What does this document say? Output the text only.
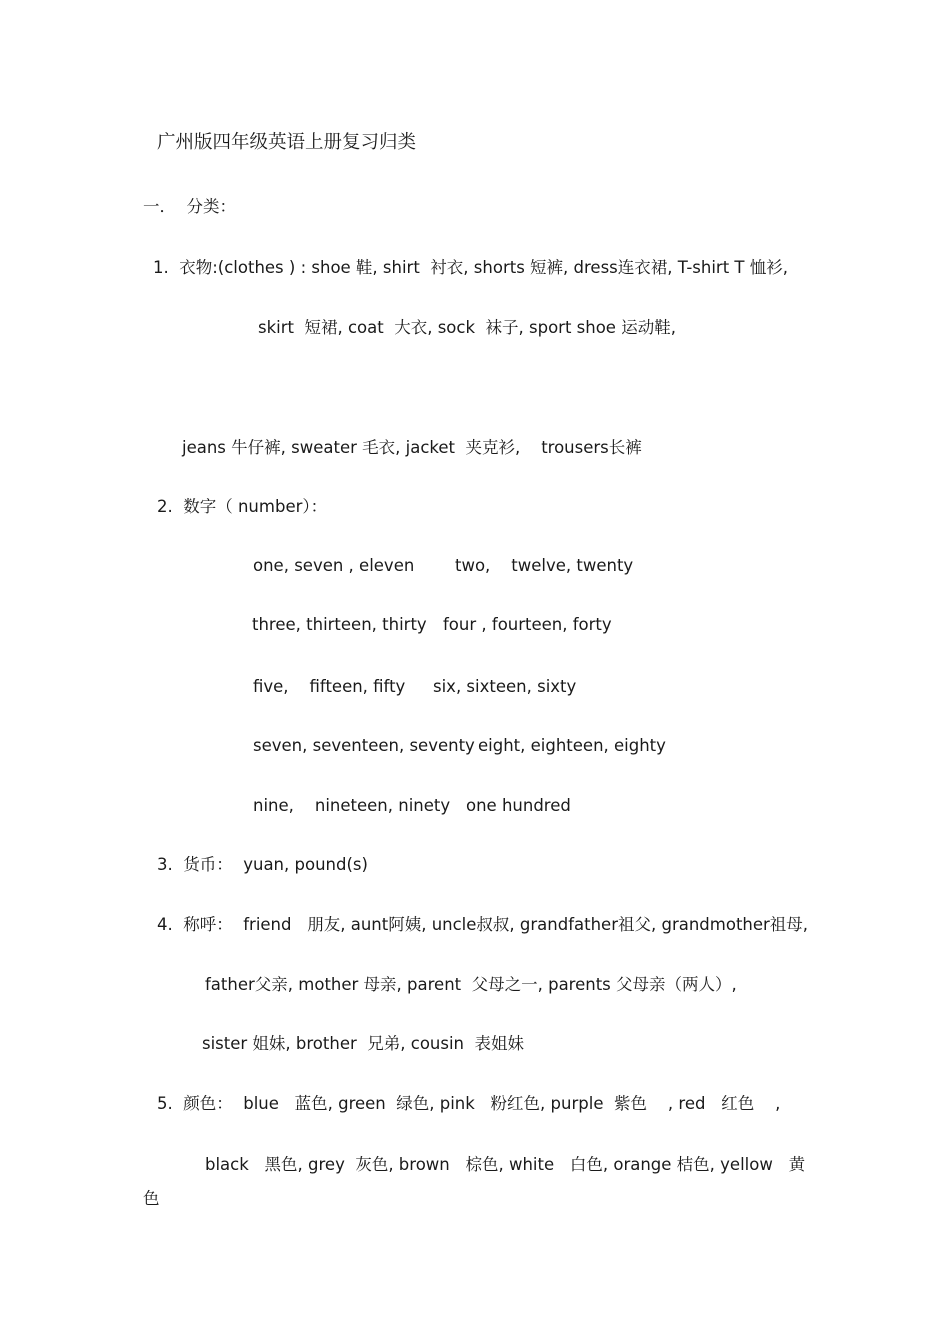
广州版四年级英语上册复习归类
一．  分类：
1.  衣物:(clothes ) : shoe 鞋, shirt  衬衣, shorts 短裤, dress连衣裙, T-shirt T 恤衫,
skirt  短裙, coat  大衣, sock  袜子, sport shoe 运动鞋,
jeans 牛仔裤, sweater 毛衣, jacket  夹克衫,    trousers长裤
2.  数字（ number）：
one, seven , eleven two,    twelve, twenty
three, thirteen, thirty four , fourteen, forty
five,    fifteen, fifty six, sixteen, sixty
seven, seventeen, seventy eight, eighteen, eighty
nine,    nineteen, ninety one hundred
3.  货币：  yuan, pound(s)
4.  称呼：  friend   朋友, aunt阿姨, uncle叔叔, grandfather祖父, grandmother祖母,
father父亲, mother 母亲, parent  父母之一, parents 父母亲（两人）,
sister 姐妹, brother  兄弟, cousin  表姐妹
5.  颜色：  blue   蓝色, green  绿色, pink   粉红色, purple  紫色    , red   红色    ,
black   黑色, grey  灰色, brown   棕色, white   白色, orange 桔色, yellow   黄
色
